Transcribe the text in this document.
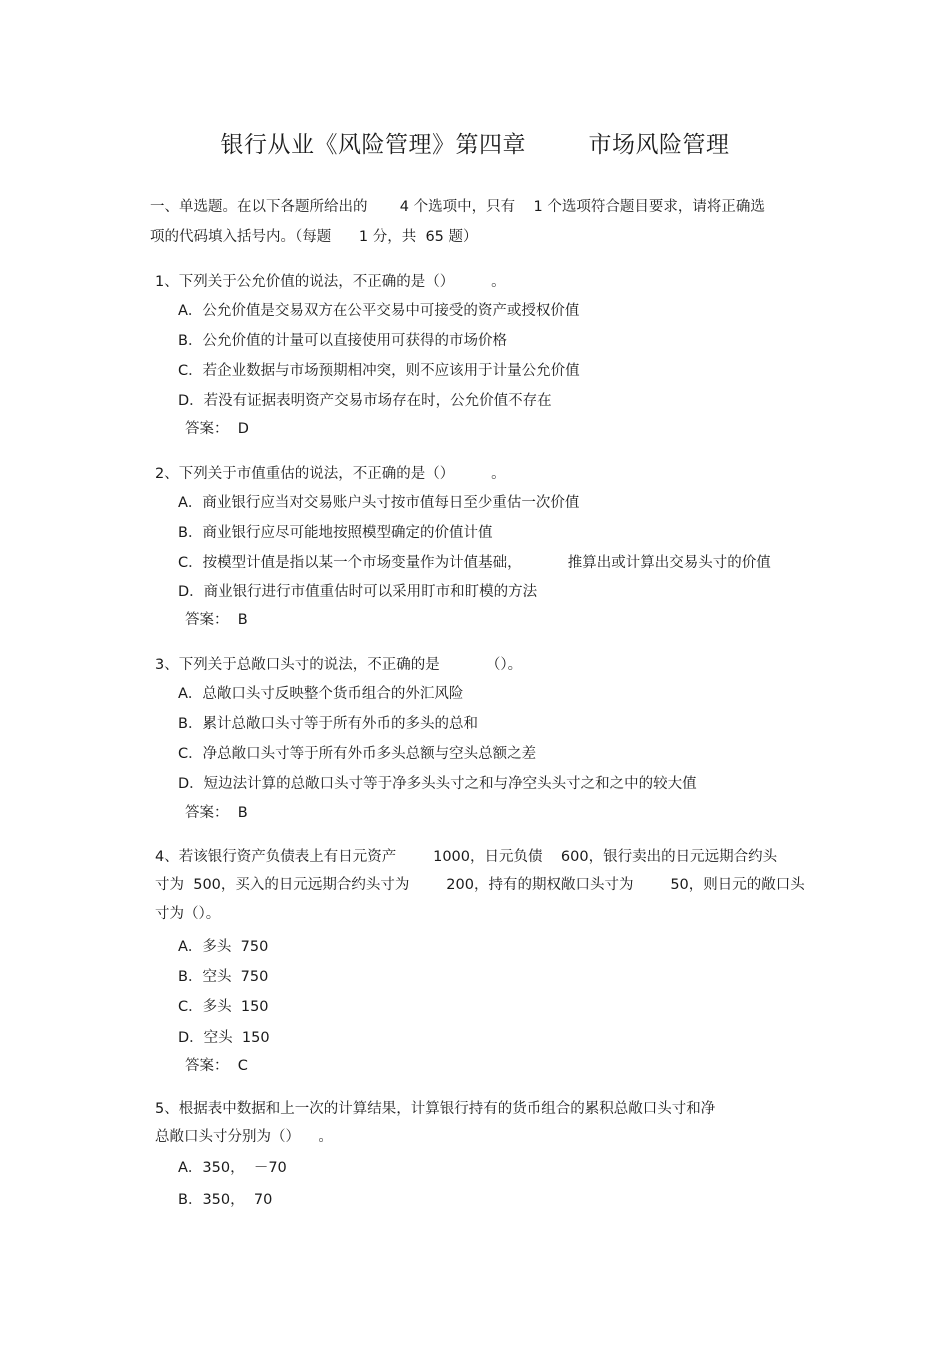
银行从业《风险管理》第四章        市场风险管理
一、单选题。在以下各题所给出的       4 个选项中，只有    1 个选项符合题目要求，请将正确选
项的代码填入括号内。（每题      1 分，共  65 题）
1、下列关于公允价值的说法，不正确的是（）        。
A．公允价值是交易双方在公平交易中可接受的资产或授权价值
B．公允价值的计量可以直接使用可获得的市场价格
C．若企业数据与市场预期相冲突，则不应该用于计量公允价值
D．若没有证据表明资产交易市场存在时，公允价值不存在
答案：  D
2、下列关于市值重估的说法，不正确的是（）        。
A．商业银行应当对交易账户头寸按市值每日至少重估一次价值
B．商业银行应尽可能地按照模型确定的价值计值
C．按模型计值是指以某一个市场变量作为计值基础，          推算出或计算出交易头寸的价值
D．商业银行进行市值重估时可以采用盯市和盯模的方法
答案：  B
3、下列关于总敞口头寸的说法，不正确的是          （）。
A．总敞口头寸反映整个货币组合的外汇风险
B．累计总敞口头寸等于所有外币的多头的总和
C．净总敞口头寸等于所有外币多头总额与空头总额之差
D．短边法计算的总敞口头寸等于净多头头寸之和与净空头头寸之和之中的较大值
答案：  B
4、若该银行资产负债表上有日元资产        1000，日元负债    600，银行卖出的日元远期合约头
寸为  500，买入的日元远期合约头寸为        200，持有的期权敞口头寸为        50，则日元的敞口头
寸为（）。
A．多头  750
B．空头  750
C．多头  150
D．空头  150
答案：  C
5、根据表中数据和上一次的计算结果，计算银行持有的货币组合的累积总敞口头寸和净
总敞口头寸分别为（）    。
A．350，  －70
B．350，  70
